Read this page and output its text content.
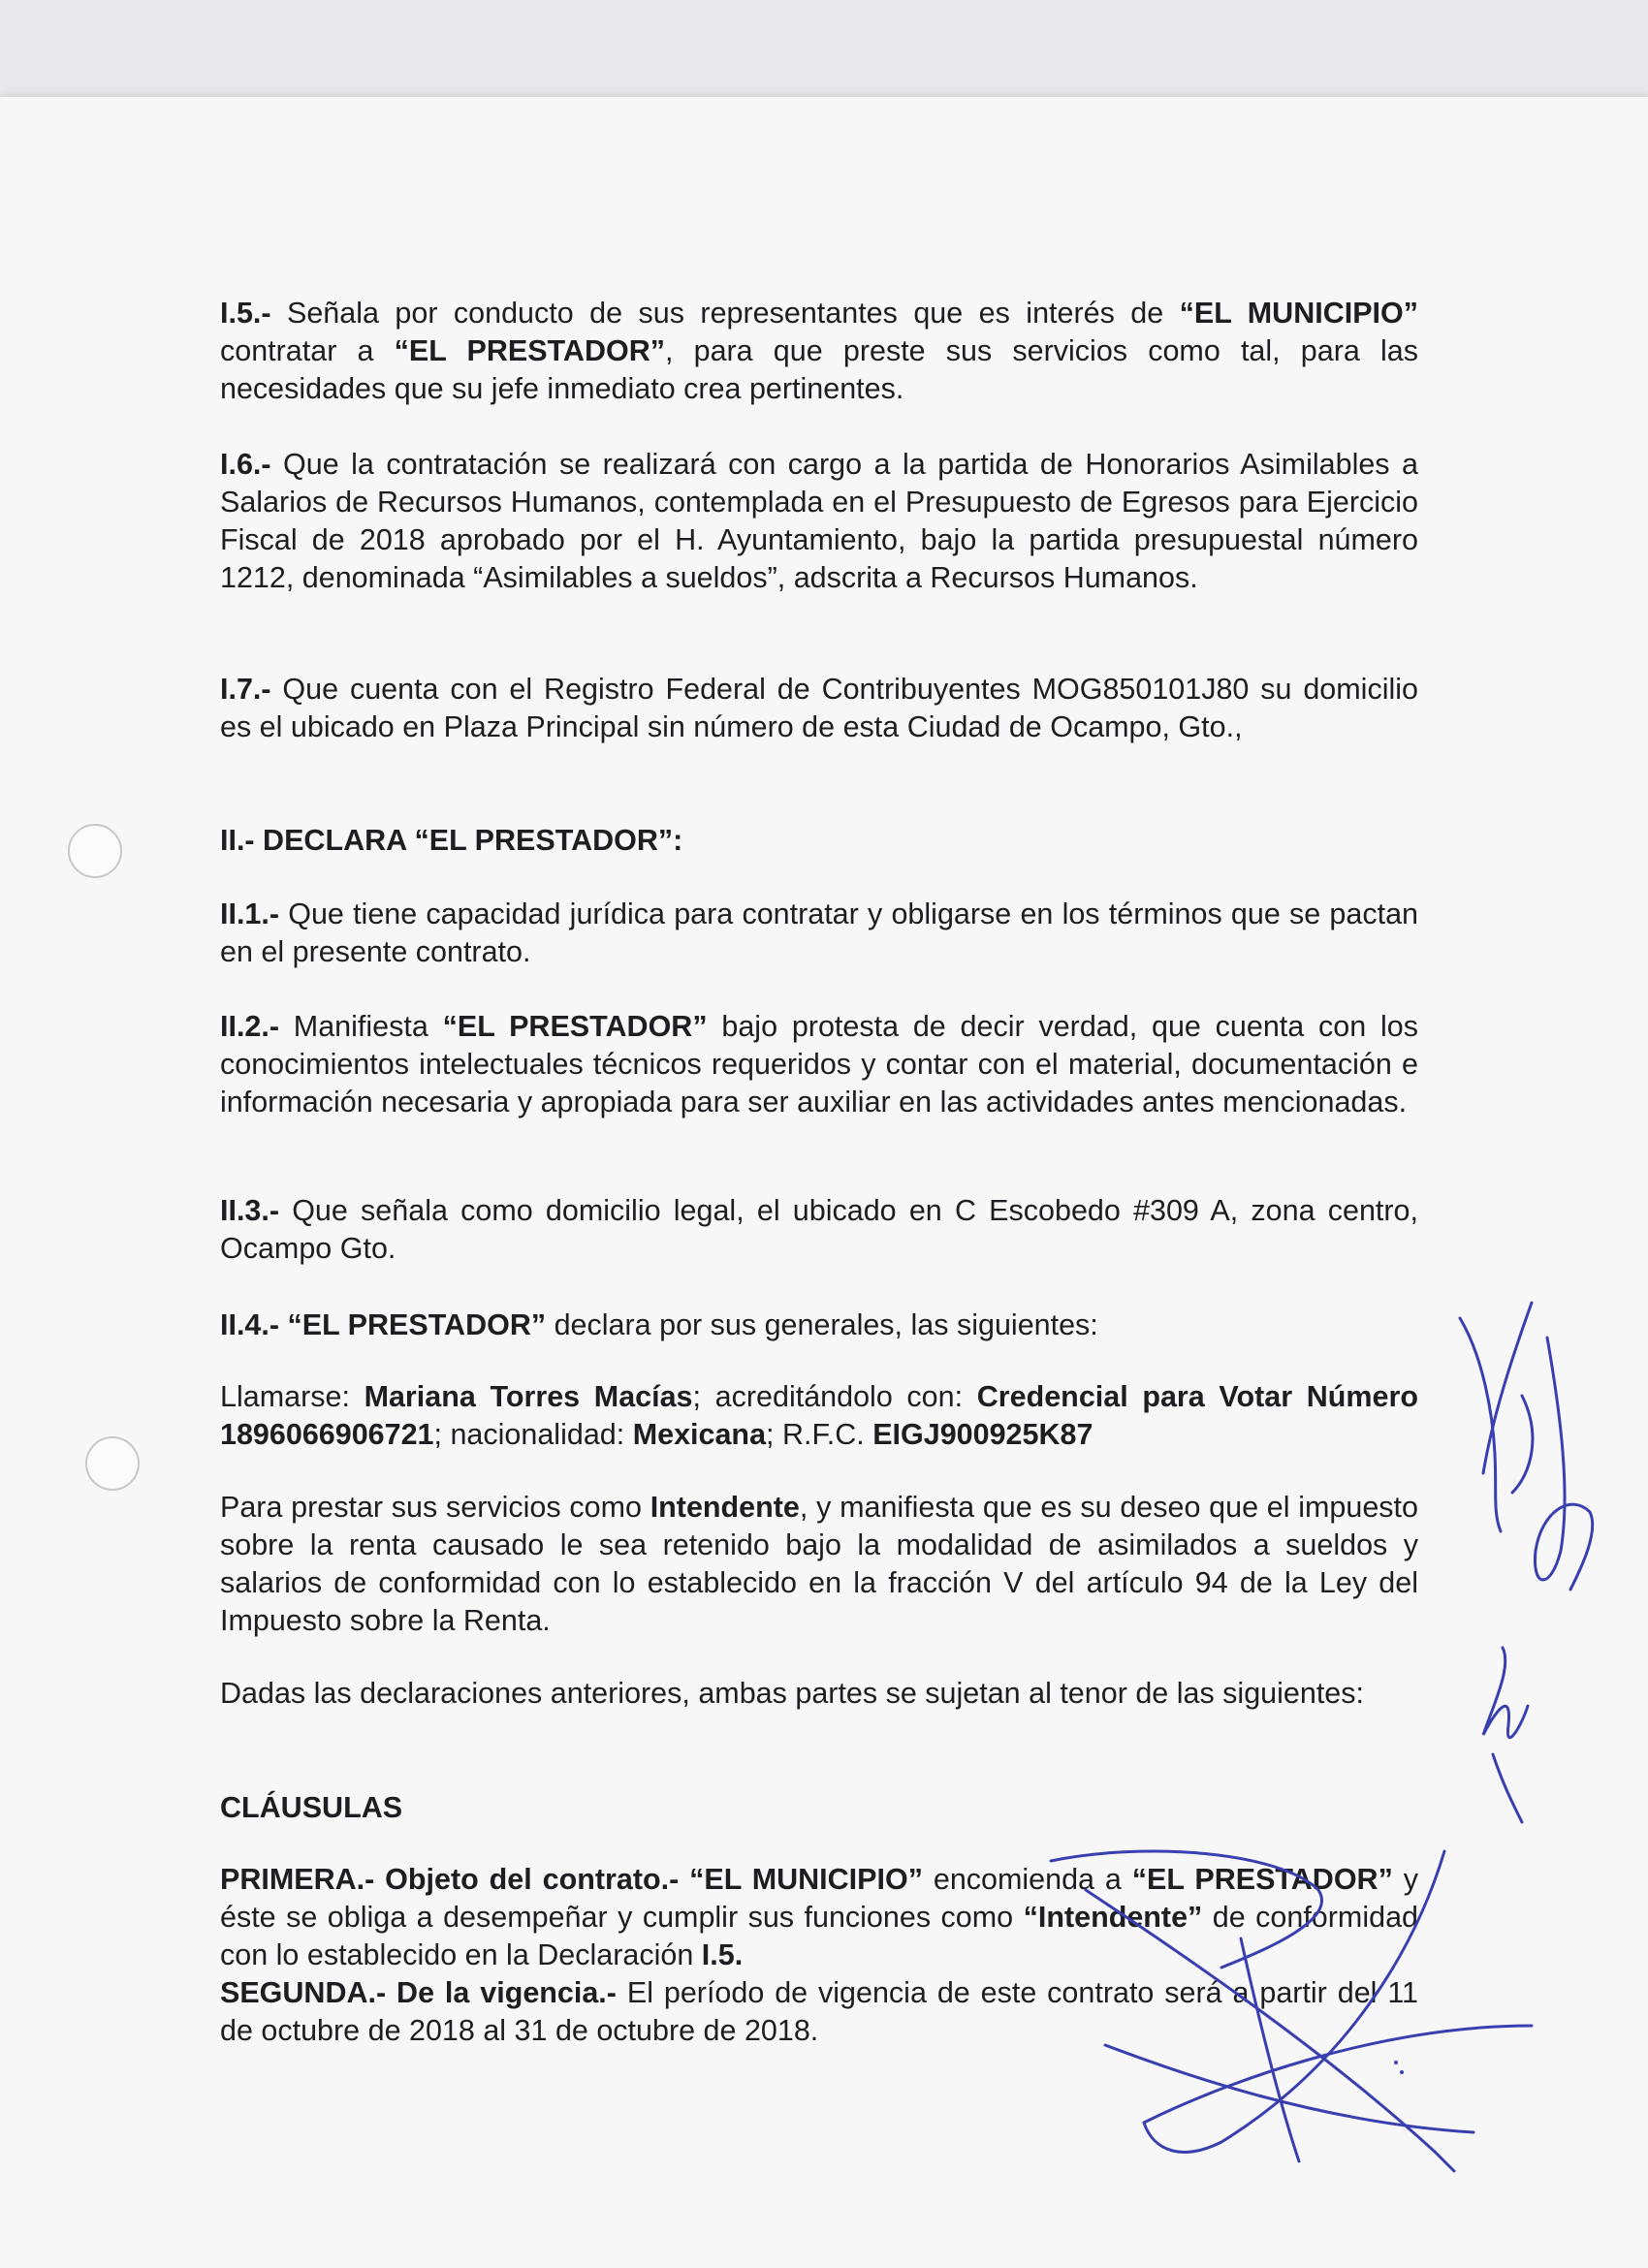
I.5.- Señala por conducto de sus representantes que es interés de “EL MUNICIPIO” contratar a “EL PRESTADOR”, para que preste sus servicios como tal, para las necesidades que su jefe inmediato crea pertinentes.

I.6.- Que la contratación se realizará con cargo a la partida de Honorarios Asimilables a Salarios de Recursos Humanos, contemplada en el Presupuesto de Egresos para Ejercicio Fiscal de 2018 aprobado por el H. Ayuntamiento, bajo la partida presupuestal número 1212, denominada “Asimilables a sueldos”, adscrita a Recursos Humanos.

I.7.- Que cuenta con el Registro Federal de Contribuyentes MOG850101J80 su domicilio es el ubicado en Plaza Principal sin número de esta Ciudad de Ocampo, Gto.,

II.- DECLARA “EL PRESTADOR”:

II.1.- Que tiene capacidad jurídica para contratar y obligarse en los términos que se pactan en el presente contrato.

II.2.- Manifiesta “EL PRESTADOR” bajo protesta de decir verdad, que cuenta con los conocimientos intelectuales técnicos requeridos y contar con el material, documentación e información necesaria y apropiada para ser auxiliar en las actividades antes mencionadas.

II.3.- Que señala como domicilio legal, el ubicado en C Escobedo #309 A, zona centro, Ocampo Gto.

II.4.- “EL PRESTADOR” declara por sus generales, las siguientes:

Llamarse: Mariana Torres Macías; acreditándolo con: Credencial para Votar Número 1896066906721; nacionalidad: Mexicana; R.F.C. EIGJ900925K87

Para prestar sus servicios como Intendente, y manifiesta que es su deseo que el impuesto sobre la renta causado le sea retenido bajo la modalidad de asimilados a sueldos y salarios de conformidad con lo establecido en la fracción V del artículo 94 de la Ley del Impuesto sobre la Renta.

Dadas las declaraciones anteriores, ambas partes se sujetan al tenor de las siguientes:

CLÁUSULAS

PRIMERA.- Objeto del contrato.- “EL MUNICIPIO” encomienda a “EL PRESTADOR” y éste se obliga a desempeñar y cumplir sus funciones como “Intendente” de conformidad con lo establecido en la Declaración I.5.

SEGUNDA.- De la vigencia.- El período de vigencia de este contrato será a partir del 11 de octubre de 2018 al 31 de octubre de 2018.
